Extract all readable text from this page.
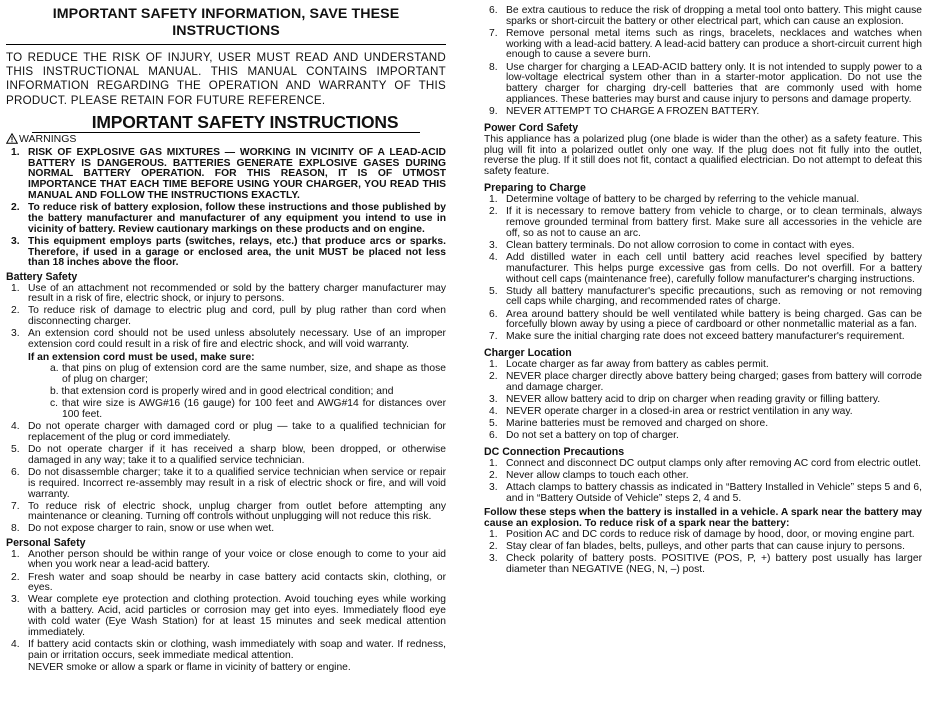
IMPORTANT SAFETY INFORMATION, SAVE THESE INSTRUCTIONS
TO REDUCE THE RISK OF INJURY, USER MUST READ AND UNDERSTAND THIS INSTRUCTIONAL MANUAL. THIS MANUAL CONTAINS IMPORTANT INFORMATION REGARDING THE OPERATION AND WARRANTY OF THIS PRODUCT. PLEASE RETAIN FOR FUTURE REFERENCE.
IMPORTANT SAFETY INSTRUCTIONS
WARNINGS
1. RISK OF EXPLOSIVE GAS MIXTURES — WORKING IN VICINITY OF A LEAD-ACID BATTERY IS DANGEROUS. BATTERIES GENERATE EXPLOSIVE GASES DURING NORMAL BATTERY OPERATION. FOR THIS REASON, IT IS OF UTMOST IMPORTANCE THAT EACH TIME BEFORE USING YOUR CHARGER, YOU READ THIS MANUAL AND FOLLOW THE INSTRUCTIONS EXACTLY.
2. To reduce risk of battery explosion, follow these instructions and those published by the battery manufacturer and manufacturer of any equipment you intend to use in vicinity of battery. Review cautionary markings on these products and on engine.
3. This equipment employs parts (switches, relays, etc.) that produce arcs or sparks. Therefore, if used in a garage or enclosed area, the unit MUST be placed not less than 18 inches above the floor.
Battery Safety
1. Use of an attachment not recommended or sold by the battery charger manufacturer may result in a risk of fire, electric shock, or injury to persons.
2. To reduce risk of damage to electric plug and cord, pull by plug rather than cord when disconnecting charger.
3. An extension cord should not be used unless absolutely necessary. Use of an improper extension cord could result in a risk of fire and electric shock, and will void warranty.
If an extension cord must be used, make sure:
a. that pins on plug of extension cord are the same number, size, and shape as those of plug on charger;
b. that extension cord is properly wired and in good electrical condition; and
c. that wire size is AWG#16 (16 gauge) for 100 feet and AWG#14 for distances over 100 feet.
4. Do not operate charger with damaged cord or plug — take to a qualified technician for replacement of the plug or cord immediately.
5. Do not operate charger if it has received a sharp blow, been dropped, or otherwise damaged in any way; take it to a qualified service technician.
6. Do not disassemble charger; take it to a qualified service technician when service or repair is required. Incorrect re-assembly may result in a risk of electric shock or fire, and will void warranty.
7. To reduce risk of electric shock, unplug charger from outlet before attempting any maintenance or cleaning. Turning off controls without unplugging will not reduce this risk.
8. Do not expose charger to rain, snow or use when wet.
Personal Safety
1. Another person should be within range of your voice or close enough to come to your aid when you work near a lead-acid battery.
2. Fresh water and soap should be nearby in case battery acid contacts skin, clothing, or eyes.
3. Wear complete eye protection and clothing protection. Avoid touching eyes while working with a battery. Acid, acid particles or corrosion may get into eyes. Immediately flood eye with cold water (Eye Wash Station) for at least 15 minutes and seek medical attention immediately.
4. If battery acid contacts skin or clothing, wash immediately with soap and water. If redness, pain or irritation occurs, seek immediate medical attention.
NEVER smoke or allow a spark or flame in vicinity of battery or engine.
6. Be extra cautious to reduce the risk of dropping a metal tool onto battery. This might cause sparks or short-circuit the battery or other electrical part, which can cause an explosion.
7. Remove personal metal items such as rings, bracelets, necklaces and watches when working with a lead-acid battery. A lead-acid battery can produce a short-circuit current high enough to cause a severe burn.
8. Use charger for charging a LEAD-ACID battery only. It is not intended to supply power to a low-voltage electrical system other than in a starter-motor application. Do not use the battery charger for charging dry-cell batteries that are commonly used with home appliances. These batteries may burst and cause injury to persons and damage property.
9. NEVER ATTEMPT TO CHARGE A FROZEN BATTERY.
Power Cord Safety
This appliance has a polarized plug (one blade is wider than the other) as a safety feature. This plug will fit into a polarized outlet only one way. If the plug does not fit fully into the outlet, reverse the plug. If it still does not fit, contact a qualified electrician. Do not attempt to defeat this safety feature.
Preparing to Charge
1. Determine voltage of battery to be charged by referring to the vehicle manual.
2. If it is necessary to remove battery from vehicle to charge, or to clean terminals, always remove grounded terminal from battery first. Make sure all accessories in the vehicle are off, so as not to cause an arc.
3. Clean battery terminals. Do not allow corrosion to come in contact with eyes.
4. Add distilled water in each cell until battery acid reaches level specified by battery manufacturer. This helps purge excessive gas from cells. Do not overfill. For a battery without cell caps (maintenance free), carefully follow manufacturer's charging instructions.
5. Study all battery manufacturer's specific precautions, such as removing or not removing cell caps while charging, and recommended rates of charge.
6. Area around battery should be well ventilated while battery is being charged. Gas can be forcefully blown away by using a piece of cardboard or other nonmetallic material as a fan.
7. Make sure the initial charging rate does not exceed battery manufacturer's requirement.
Charger Location
1. Locate charger as far away from battery as cables permit.
2. NEVER place charger directly above battery being charged; gases from battery will corrode and damage charger.
3. NEVER allow battery acid to drip on charger when reading gravity or filling battery.
4. NEVER operate charger in a closed-in area or restrict ventilation in any way.
5. Marine batteries must be removed and charged on shore.
6. Do not set a battery on top of charger.
DC Connection Precautions
1. Connect and disconnect DC output clamps only after removing AC cord from electric outlet.
2. Never allow clamps to touch each other.
3. Attach clamps to battery chassis as indicated in “Battery Installed in Vehicle” steps 5 and 6, and in “Battery Outside of Vehicle” steps 2, 4 and 5.
Follow these steps when the battery is installed in a vehicle. A spark near the battery may cause an explosion. To reduce risk of a spark near the battery:
1. Position AC and DC cords to reduce risk of damage by hood, door, or moving engine part.
2. Stay clear of fan blades, belts, pulleys, and other parts that can cause injury to persons.
3. Check polarity of battery posts. POSITIVE (POS, P, +) battery post usually has larger diameter than NEGATIVE (NEG, N, –) post.
